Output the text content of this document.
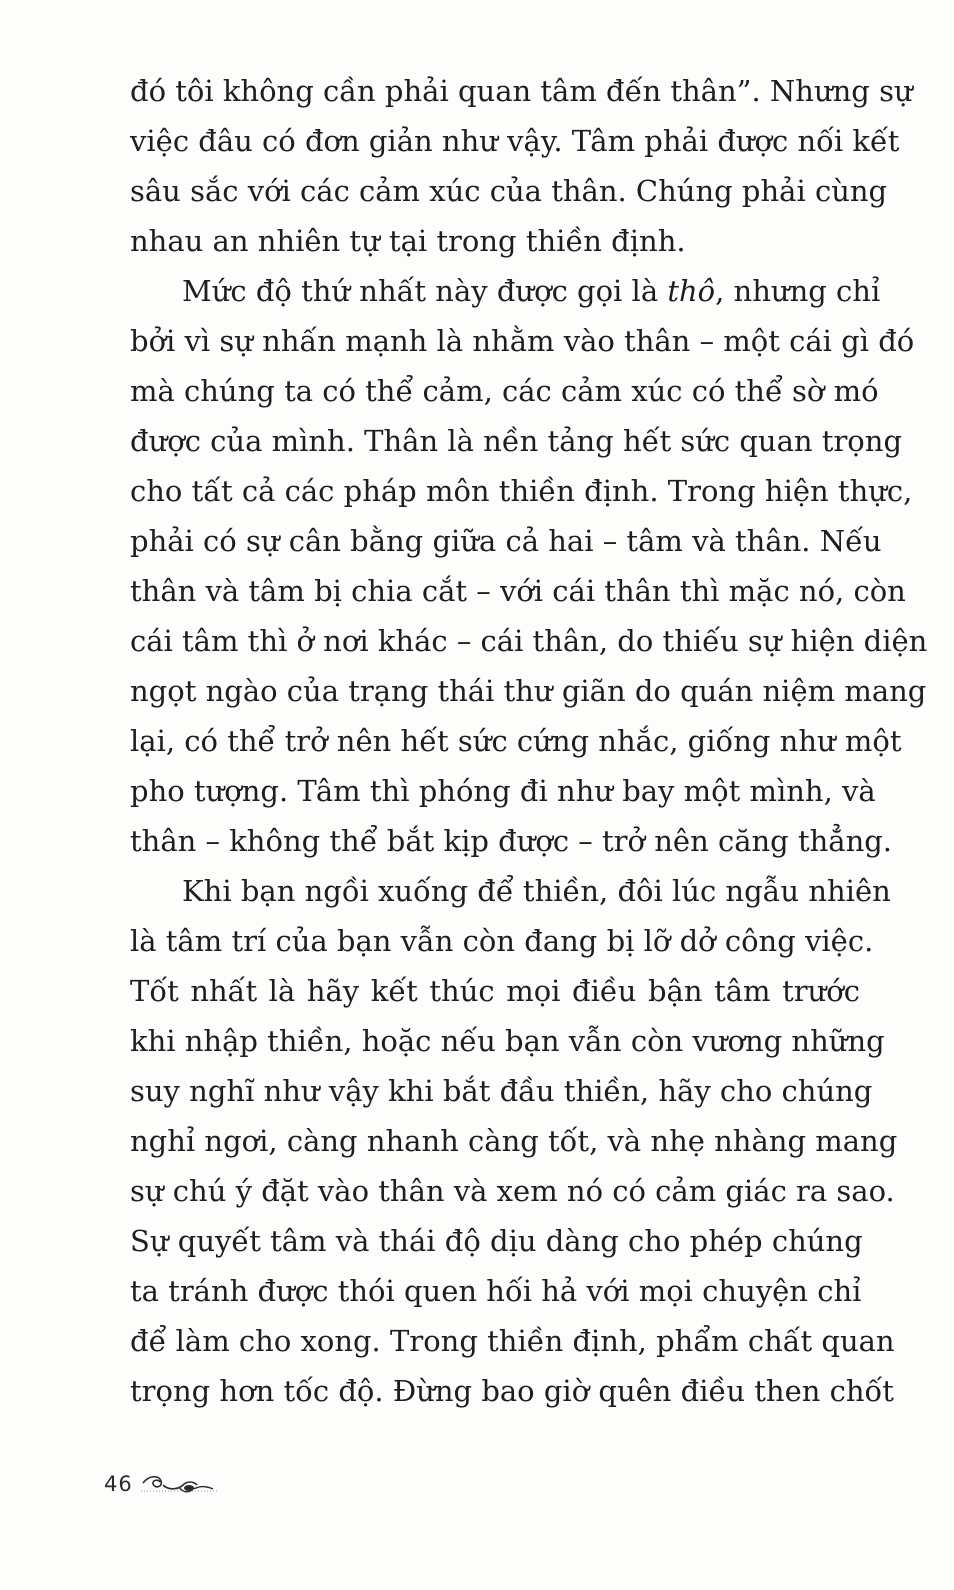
đó tôi không cần phải quan tâm đến thân”. Nhưng sự
việc đâu có đơn giản như vậy. Tâm phải được nối kết
sâu sắc với các cảm xúc của thân. Chúng phải cùng
nhau an nhiên tự tại trong thiền định.
Mức độ thứ nhất này được gọi là thô, nhưng chỉ
bởi vì sự nhấn mạnh là nhằm vào thân – một cái gì đó
mà chúng ta có thể cảm, các cảm xúc có thể sờ mó
được của mình. Thân là nền tảng hết sức quan trọng
cho tất cả các pháp môn thiền định. Trong hiện thực,
phải có sự cân bằng giữa cả hai – tâm và thân. Nếu
thân và tâm bị chia cắt – với cái thân thì mặc nó, còn
cái tâm thì ở nơi khác – cái thân, do thiếu sự hiện diện
ngọt ngào của trạng thái thư giãn do quán niệm mang
lại, có thể trở nên hết sức cứng nhắc, giống như một
pho tượng. Tâm thì phóng đi như bay một mình, và
thân – không thể bắt kịp được – trở nên căng thẳng.
Khi bạn ngồi xuống để thiền, đôi lúc ngẫu nhiên
là tâm trí của bạn vẫn còn đang bị lỡ dở công việc.
Tốt nhất là hãy kết thúc mọi điều bận tâm trước
khi nhập thiền, hoặc nếu bạn vẫn còn vương những
suy nghĩ như vậy khi bắt đầu thiền, hãy cho chúng
nghỉ ngơi, càng nhanh càng tốt, và nhẹ nhàng mang
sự chú ý đặt vào thân và xem nó có cảm giác ra sao.
Sự quyết tâm và thái độ dịu dàng cho phép chúng
ta tránh được thói quen hối hả với mọi chuyện chỉ
để làm cho xong. Trong thiền định, phẩm chất quan
trọng hơn tốc độ. Đừng bao giờ quên điều then chốt
46
